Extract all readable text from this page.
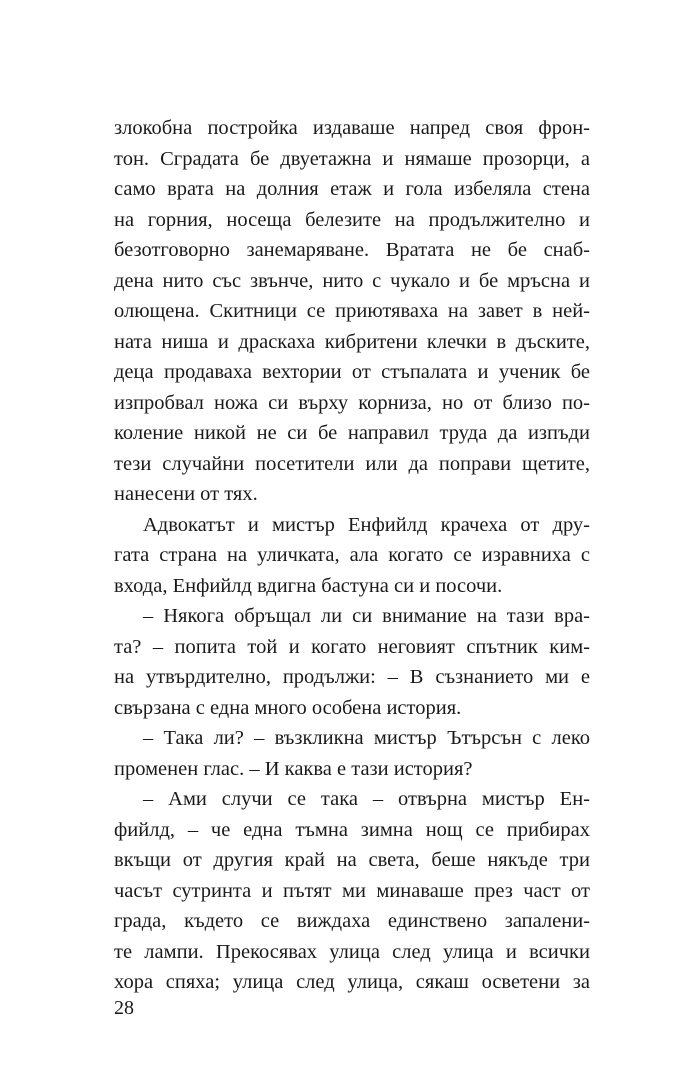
злокобна постройка издаваше напред своя фрон-
тон. Сградата бе двуетажна и нямаше прозорци, а
само врата на долния етаж и гола избеляла стена
на горния, носеща белезите на продължително и
безотговорно занемаряване. Вратата не бе снаб-
дена нито със звънче, нито с чукало и бе мръсна и
олющена. Скитници се приютяваха на завет в ней-
ната ниша и драскаха кибритени клечки в дъските,
деца продаваха вехтории от стъпалата и ученик бе
изпробвал ножа си върху корниза, но от близо по-
коление никой не си бе направил труда да изпъди
тези случайни посетители или да поправи щетите,
нанесени от тях.
Адвокатът и мистър Енфийлд крачеха от дру-
гата страна на уличката, ала когато се изравниха с
входа, Енфийлд вдигна бастуна си и посочи.
– Някога обръщал ли си внимание на тази вра-
та? – попита той и когато неговият спътник ким-
на утвърдително, продължи: – В съзнанието ми е
свързана с една много особена история.
– Така ли? – възкликна мистър Ътърсън с леко
променен глас. – И каква е тази история?
– Ами случи се така – отвърна мистър Ен-
фийлд, – че една тъмна зимна нощ се прибирах
вкъщи от другия край на света, беше някъде три
часът сутринта и пътят ми минаваше през част от
града, където се виждаха единствено запалени-
те лампи. Прекосявах улица след улица и всички
хора спяха; улица след улица, сякаш осветени за
28
